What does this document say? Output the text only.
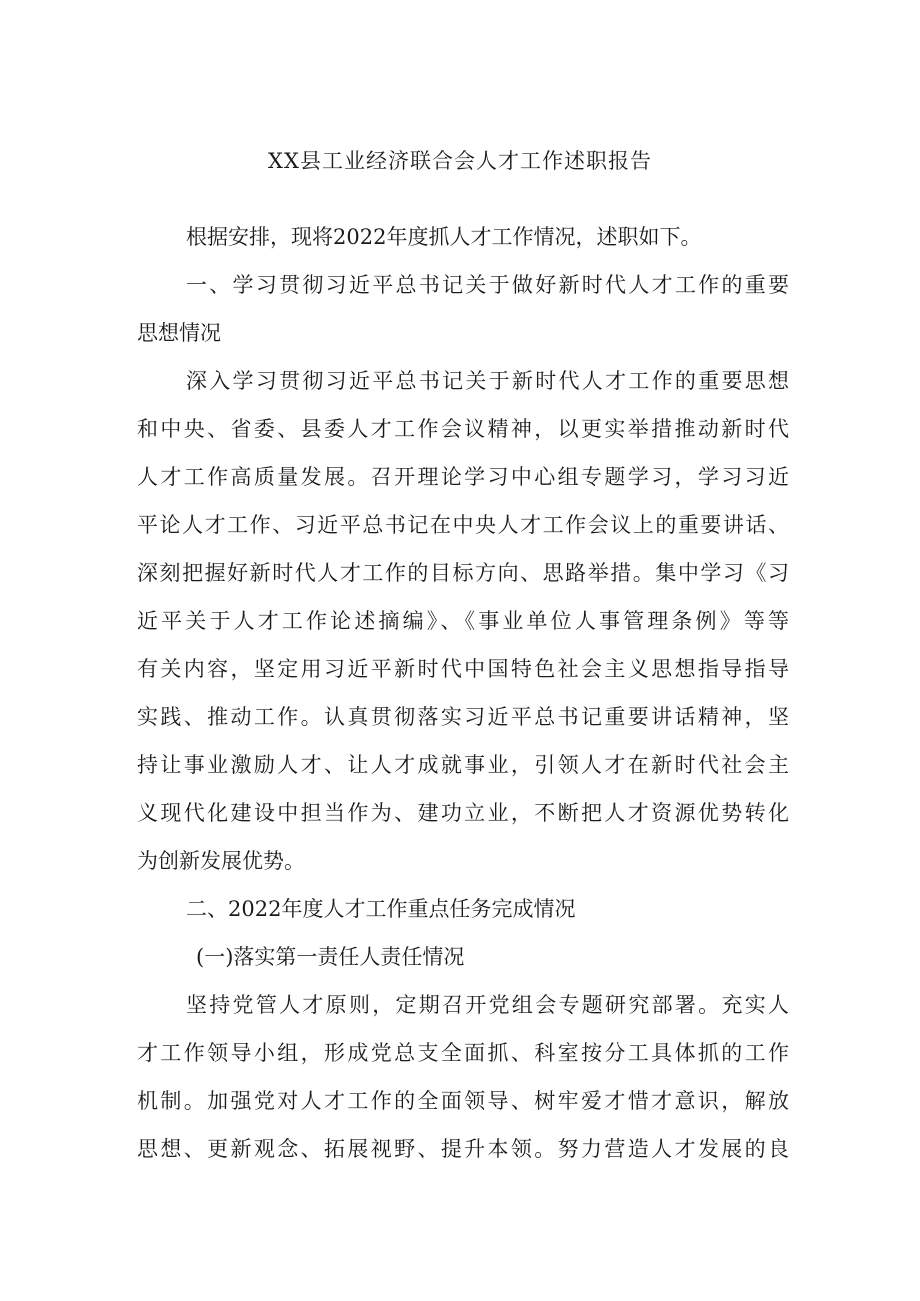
XX县工业经济联合会人才工作述职报告
根据安排，现将2022年度抓人才工作情况，述职如下。
一、学习贯彻习近平总书记关于做好新时代人才工作的重要
思想情况
深入学习贯彻习近平总书记关于新时代人才工作的重要思想
和中央、省委、县委人才工作会议精神，以更实举措推动新时代
人才工作高质量发展。召开理论学习中心组专题学习，学习习近
平论人才工作、习近平总书记在中央人才工作会议上的重要讲话、
深刻把握好新时代人才工作的目标方向、思路举措。集中学习《习
近平关于人才工作论述摘编》、《事业单位人事管理条例》等等
有关内容，坚定用习近平新时代中国特色社会主义思想指导指导
实践、推动工作。认真贯彻落实习近平总书记重要讲话精神，坚
持让事业激励人才、让人才成就事业，引领人才在新时代社会主
义现代化建设中担当作为、建功立业，不断把人才资源优势转化
为创新发展优势。
二、2022年度人才工作重点任务完成情况
(一)落实第一责任人责任情况
坚持党管人才原则，定期召开党组会专题研究部署。充实人
才工作领导小组，形成党总支全面抓、科室按分工具体抓的工作
机制。加强党对人才工作的全面领导、树牢爱才惜才意识，解放
思想、更新观念、拓展视野、提升本领。努力营造人才发展的良
